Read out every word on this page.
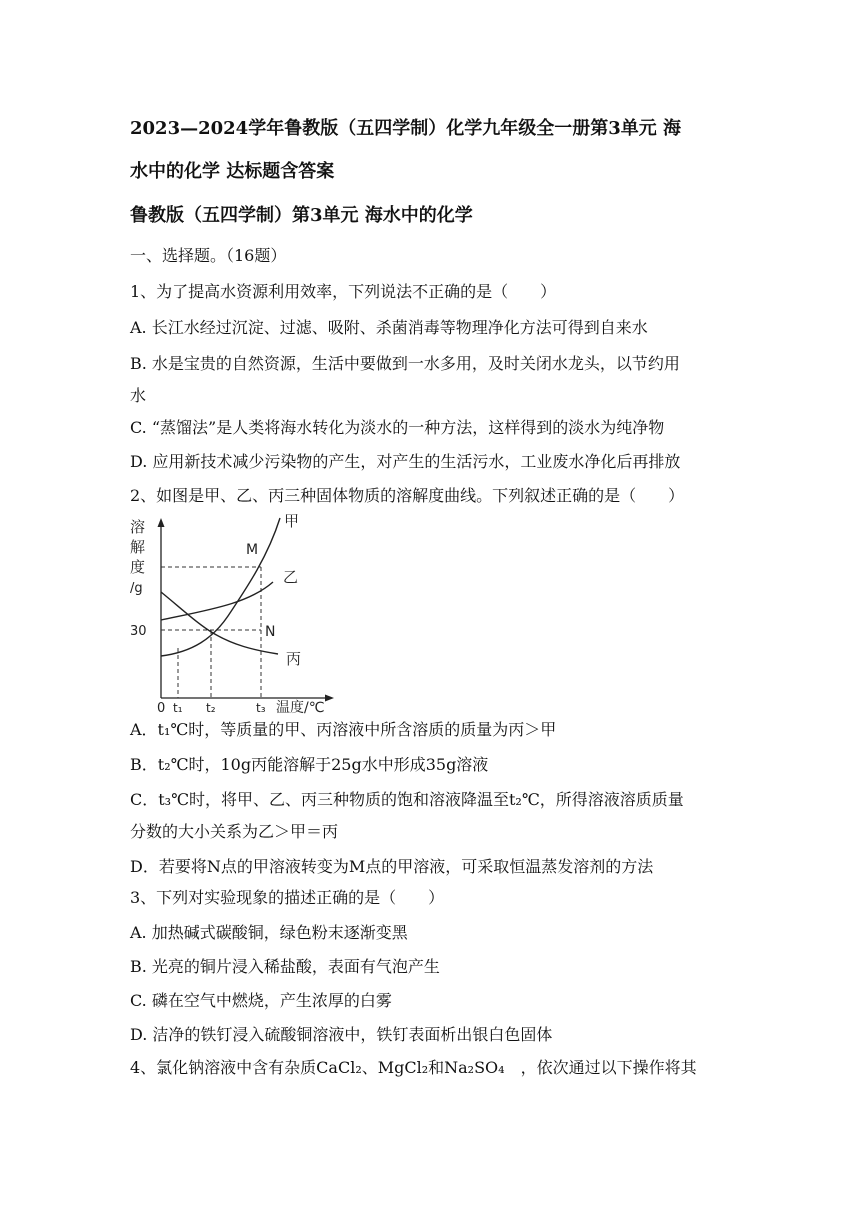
2023—2024学年鲁教版（五四学制）化学九年级全一册第3单元 海
水中的化学 达标题含答案
鲁教版（五四学制）第3单元 海水中的化学
一、选择题。（16题）
1、为了提高水资源利用效率，下列说法不正确的是（　　）
A. 长江水经过沉淀、过滤、吸附、杀菌消毒等物理净化方法可得到自来水
B. 水是宝贵的自然资源，生活中要做到一水多用，及时关闭水龙头，以节约用
水
C. “蒸馏法”是人类将海水转化为淡水的一种方法，这样得到的淡水为纯净物
D. 应用新技术减少污染物的产生，对产生的生活污水，工业废水净化后再排放
2、如图是甲、乙、丙三种固体物质的溶解度曲线。下列叙述正确的是（　　）
溶
解
度
/g
30
0 t₁ t₂	t₃ 温度/℃
甲
乙
丙
M
N
A．t₁℃时，等质量的甲、丙溶液中所含溶质的质量为丙＞甲
B．t₂℃时，10g丙能溶解于25g水中形成35g溶液
C．t₃℃时，将甲、乙、丙三种物质的饱和溶液降温至t₂℃，所得溶液溶质质量
分数的大小关系为乙＞甲＝丙
D．若要将N点的甲溶液转变为M点的甲溶液，可采取恒温蒸发溶剂的方法
3、下列对实验现象的描述正确的是（　　）
A. 加热碱式碳酸铜，绿色粉末逐渐变黑
B. 光亮的铜片浸入稀盐酸，表面有气泡产生
C. 磷在空气中燃烧，产生浓厚的白雾
D. 洁净的铁钉浸入硫酸铜溶液中，铁钉表面析出银白色固体
4、氯化钠溶液中含有杂质CaCl₂、MgCl₂和Na₂SO₄　，依次通过以下操作将其
